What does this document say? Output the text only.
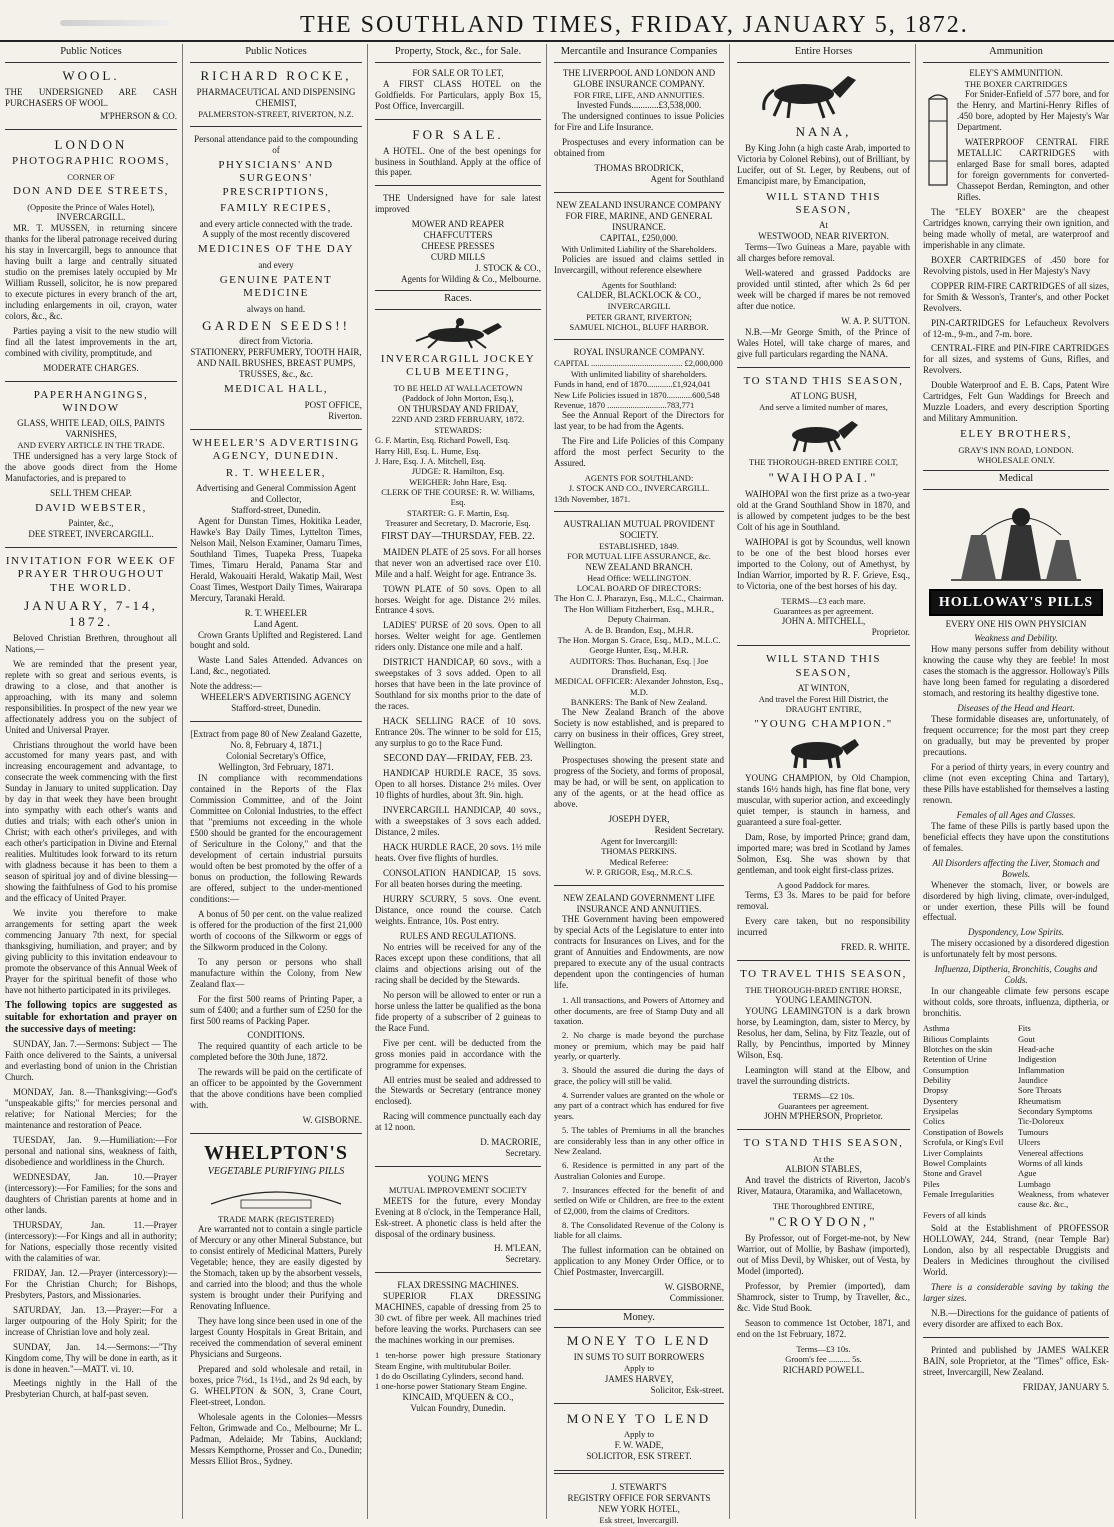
THE SOUTHLAND TIMES, FRIDAY, JANUARY 5, 1872.
Public Notices
WOOL.
THE UNDERSIGNED ARE CASH PURCHASERS OF WOOL.
M'PHERSON & CO.
LONDON
PHOTOGRAPHIC ROOMS,
CORNER OF
DON AND DEE STREETS,
(Opposite the Prince of Wales Hotel),
INVERCARGILL.

MR. T. MUSSEN, in returning sincere thanks for the liberal patronage received during his stay in Invercargill, begs to announce that having built a large and centrally situated studio on the premises lately occupied by Mr William Russell, solicitor, he is now prepared to execute pictures in every branch of the art, including enlargements in oil, crayon, water colors, &c., &c.

Parties paying a visit to the new studio will find all the latest improvements in the art, combined with civility, promptitude, and

MODERATE CHARGES.
PAPERHANGINGS, WINDOW
GLASS, WHITE LEAD, OILS, PAINTS
VARNISHES,
AND EVERY ARTICLE IN THE TRADE.

THE undersigned has a very large Stock of the above goods direct from the Home Manufactories, and is prepared to

SELL THEM CHEAP.
DAVID WEBSTER,
Painter, &c.,
DEE STREET, INVERCARGILL.
INVITATION FOR WEEK OF PRAYER THROUGHOUT THE WORLD.
JANUARY, 7-14, 1872.

Beloved Christian Brethren, throughout all Nations,—

We are reminded that the present year, replete with so great and serious events, is drawing to a close, and that another is approaching, with its many and solemn responsibilities. In prospect of the new year we affectionately address you on the subject of United and Universal Prayer.

Christians throughout the world have been accustomed for many years past, and with increasing encouragement and advantage, to consecrate the week commencing with the first Sunday in January to united supplication. Day by day in that week they have been brought into sympathy with each other's wants and duties and trials; with each other's union in Christ; with each other's privileges, and with each other's participation in Divine and Eternal realities. Multitudes look forward to its return with gladness because it has been to them a season of spiritual joy and of divine blessing—showing the faithfulness of God to his promise and the efficacy of United Prayer.

We invite you therefore to make arrangements for setting apart the week commencing January 7th next, for special thanksgiving, humiliation, and prayer; and by giving publicity to this invitation endeavour to promote the observance of this Annual Week of Prayer for the spiritual benefit of those who have not hitherto participated in its privileges.

The following topics are suggested as suitable for exhortation and prayer on the successive days of meeting:

SUNDAY, Jan. 7.—Sermons: Subject — The Faith once delivered to the Saints, a universal and everlasting bond of union in the Christian Church.

MONDAY, Jan. 8.—Thanksgiving:—God's "unspeakable gifts;" for mercies personal and relative; for National Mercies; for the maintenance and restoration of Peace.

TUESDAY, Jan. 9.—Humiliation:—For personal and national sins, weakness of faith, disobedience and worldliness in the Church.

WEDNESDAY, Jan. 10.—Prayer (intercessory):—For Families; for the sons and daughters of Christian parents at home and in other lands.

THURSDAY, Jan. 11.—Prayer (intercessory):—For Kings and all in authority; for Nations, especially those recently visited with the calamities of war.

FRIDAY, Jan. 12.—Prayer (intercessory):—For the Christian Church; for Bishops, Presbyters, Pastors, and Missionaries.

SATURDAY, Jan. 13.—Prayer:—For a larger outpouring of the Holy Spirit; for the increase of Christian love and holy zeal.

SUNDAY, Jan. 14.—Sermons:—"Thy Kingdom come, Thy will be done in earth, as it is done in heaven."—MATT. vi. 10.

Meetings nightly in the Hall of the Presbyterian Church, at half-past seven.

Public Notices
RICHARD ROCKE,
PHARMACEUTICAL AND DISPENSING CHEMIST,
PALMERSTON-STREET, RIVERTON, N.Z.
Personal attendance paid to the compounding of
PHYSICIANS' AND SURGEONS' PRESCRIPTIONS,
FAMILY RECIPES,
and every article connected with the trade.
A supply of the most recently discovered
MEDICINES OF THE DAY
and every
GENUINE PATENT MEDICINE
always on hand.
GARDEN SEEDS!!
direct from Victoria.
STATIONERY, PERFUMERY, TOOTH HAIR, AND NAIL BRUSHES, BREAST PUMPS, TRUSSES, &c., &c.
MEDICAL HALL,
POST OFFICE,
Riverton.
WHEELER'S ADVERTISING AGENCY, DUNEDIN.
R. T. WHEELER,
Advertising and General Commission Agent and Collector,
Stafford-street, Dunedin.

Agent for Dunstan Times, Hokitika Leader, Hawke's Bay Daily Times, Lyttelton Times, Nelson Mail, Nelson Examiner, Oamaru Times, Southland Times, Tuapeka Press, Tuapeka Times, Timaru Herald, Panama Star and Herald, Wakouaiti Herald, Wakatip Mail, West Coast Times, Westport Daily Times, Wairarapa Mercury, Taranaki Herald.

R. T. WHEELER
Land Agent.

Crown Grants Uplifted and Registered. Land bought and sold.

Waste Land Sales Attended. Advances on Land, &c., negotiated.

Note the address:—
WHEELER'S ADVERTISING AGENCY
Stafford-street, Dunedin.
[Extract from page 80 of New Zealand Gazette,
No. 8, February 4, 1871.]
Colonial Secretary's Office,
Wellington, 3rd February, 1871.

IN compliance with recommendations contained in the Reports of the Flax Commission Committee, and of the Joint Committee on Colonial Industries, to the effect that "premiums not exceeding in the whole £500 should be granted for the encouragement of Sericulture in the Colony," and that the development of certain industrial pursuits would often be best promoted by the offer of a bonus on production, the following Rewards are offered, subject to the under-mentioned conditions:—

A bonus of 50 per cent. on the value realized is offered for the production of the first 21,000 worth of cocoons of the Silkworm or eggs of the Silkworm produced in the Colony.

To any person or persons who shall manufacture within the Colony, from New Zealand flax—

For the first 500 reams of Printing Paper, a sum of £400; and a further sum of £250 for the first 500 reams of Packing Paper.

CONDITIONS.

The required quantity of each article to be completed before the 30th June, 1872.

The rewards will be paid on the certificate of an officer to be appointed by the Government that the above conditions have been complied with.

W. GISBORNE.
WHELPTON'S
VEGETABLE PURIFYING PILLS
TRADE MARK (REGISTERED)

Are warranted not to contain a single particle of Mercury or any other Mineral Substance, but to consist entirely of Medicinal Matters, Purely Vegetable; hence, they are easily digested by the Stomach, taken up by the absorbent vessels, and carried into the blood; and thus the whole system is brought under their Purifying and Renovating Influence.

They have long since been used in one of the largest County Hospitals in Great Britain, and received the commendation of several eminent Physicians and Surgeons.

Prepared and sold wholesale and retail, in boxes, price 7½d., 1s 1½d., and 2s 9d each, by G. WHELPTON & SON, 3, Crane Court, Fleet-street, London.

Wholesale agents in the Colonies—Messrs Felton, Grimwade and Co., Melbourne; Mr L. Padman, Adelaide; Mr Tabins, Auckland; Messrs Kempthorne, Prosser and Co., Dunedin; Messrs Elliot Bros., Sydney.

Property, Stock, &c., for Sale.
FOR SALE OR TO LET,

A FIRST CLASS HOTEL on the Goldfields. For Particulars, apply Box 15, Post Office, Invercargill.

FOR SALE.

A HOTEL. One of the best openings for business in Southland. Apply at the office of this paper.

THE Undersigned have for sale latest improved

MOWER AND REAPER
CHAFFCUTTERS
CHEESE PRESSES
CURD MILLS
J. STOCK & CO.,
Agents for Wilding & Co., Melbourne.
Races.
INVERCARGILL JOCKEY CLUB MEETING,
TO BE HELD AT WALLACETOWN
(Paddock of John Morton, Esq.),
ON THURSDAY AND FRIDAY,
22ND AND 23RD FEBRUARY, 1872.
STEWARDS:
G. F. Martin, Esq. Richard Powell, Esq.
Harry Hill, Esq. L. Hume, Esq.
J. Hare, Esq. J. A. Mitchell, Esq.
JUDGE: R. Hamilton, Esq.
WEIGHER: John Hare, Esq.
CLERK OF THE COURSE: R. W. Williams, Esq.
STARTER: G. F. Martin, Esq.
Treasurer and Secretary, D. Macrorie, Esq.
FIRST DAY—THURSDAY, FEB. 22.

MAIDEN PLATE of 25 sovs. For all horses that never won an advertised race over £10. Mile and a half. Weight for age. Entrance 3s.

TOWN PLATE of 50 sovs. Open to all horses. Weight for age. Distance 2½ miles. Entrance 4 sovs.

LADIES' PURSE of 20 sovs. Open to all horses. Welter weight for age. Gentlemen riders only. Distance one mile and a half.

DISTRICT HANDICAP, 60 sovs., with a sweepstakes of 3 sovs added. Open to all horses that have been in the late province of Southland for six months prior to the date of the races.

HACK SELLING RACE of 10 sovs. Entrance 20s. The winner to be sold for £15, any surplus to go to the Race Fund.

SECOND DAY—FRIDAY, FEB. 23.

HANDICAP HURDLE RACE, 35 sovs. Open to all horses. Distance 2½ miles. Over 10 flights of hurdles, about 3ft. 9in. high.

INVERCARGILL HANDICAP, 40 sovs., with a sweepstakes of 3 sovs each added. Distance, 2 miles.

HACK HURDLE RACE, 20 sovs. 1½ mile heats. Over five flights of hurdles.

CONSOLATION HANDICAP, 15 sovs. For all beaten horses during the meeting.

HURRY SCURRY, 5 sovs. One event. Distance, once round the course. Catch weights. Entrance, 10s. Post entry.

RULES AND REGULATIONS.

No entries will be received for any of the Races except upon these conditions, that all claims and objections arising out of the racing shall be decided by the Stewards.

No person will be allowed to enter or run a horse unless the latter be qualified as the bona fide property of a subscriber of 2 guineas to the Race Fund.

Five per cent. will be deducted from the gross monies paid in accordance with the programme for expenses.

All entries must be sealed and addressed to the Stewards or Secretary (entrance money enclosed).

Racing will commence punctually each day at 12 noon.

D. MACRORIE,
Secretary.
YOUNG MEN'S
MUTUAL IMPROVEMENT SOCIETY

MEETS for the future, every Monday Evening at 8 o'clock, in the Temperance Hall, Esk-street. A phonetic class is held after the disposal of the ordinary business.

H. M'LEAN,
Secretary.
FLAX DRESSING MACHINES.

SUPERIOR FLAX DRESSING MACHINES, capable of dressing from 25 to 30 cwt. of fibre per week. All machines tried before leaving the works. Purchasers can see the machines working in our premises.

1 ten-horse power high pressure Stationary Steam Engine, with multitubular Boiler.
1 do do Oscillating Cylinders, second hand.
1 one-horse power Stationary Steam Engine.
KINCAID, M'QUEEN & CO.,
Vulcan Foundry, Dunedin.
Mercantile and Insurance Companies
THE LIVERPOOL AND LONDON AND GLOBE INSURANCE COMPANY.
FOR FIRE, LIFE, AND ANNUITIES.
Invested Funds............£3,538,000.

The undersigned continues to issue Policies for Fire and Life Insurance.

Prospectuses and every information can be obtained from

THOMAS BRODRICK,
Agent for Southland
NEW ZEALAND INSURANCE COMPANY FOR FIRE, MARINE, AND GENERAL INSURANCE.
CAPITAL, £250,000.
With Unlimited Liability of the Shareholders.

Policies are issued and claims settled in Invercargill, without reference elsewhere

Agents for Southland:
CALDER, BLACKLOCK & CO.,
INVERCARGILL
PETER GRANT, RIVERTON;
SAMUEL NICHOL, BLUFF HARBOR.
ROYAL INSURANCE COMPANY.
CAPITAL ........................................... £2,000,000
With unlimited liability of shareholders.
Funds in hand, end of 1870............£1,924,041
New Life Policies issued in 1870............600,548
Revenue, 1870 ............................783,771

See the Annual Report of the Directors for last year, to be had from the Agents.

The Fire and Life Policies of this Company afford the most perfect Security to the Assured.

AGENTS FOR SOUTHLAND:
J. STOCK AND CO., INVERCARGILL.
13th November, 1871.
AUSTRALIAN MUTUAL PROVIDENT SOCIETY.
ESTABLISHED, 1849.
FOR MUTUAL LIFE ASSURANCE, &c.
NEW ZEALAND BRANCH.
Head Office: WELLINGTON.
LOCAL BOARD OF DIRECTORS:
The Hon C. J. Pharazyn, Esq., M.L.C., Chairman.
The Hon William Fitzherbert, Esq., M.H.R., Deputy Chairman.
A. de B. Brandon, Esq., M.H.R.
The Hon. Morgan S. Grace, Esq., M.D., M.L.C.
George Hunter, Esq., M.H.R.
AUDITORS: Thos. Buchanan, Esq. | Joe Dransfield, Esq.
MEDICAL OFFICER: Alexander Johnston, Esq., M.D.
BANKERS: The Bank of New Zealand.

The New Zealand Branch of the above Society is now established, and is prepared to carry on business in their offices, Grey street, Wellington.

Prospectuses showing the present state and progress of the Society, and forms of proposal, may be had, or will be sent, on application to any of the agents, or at the head office as above.

JOSEPH DYER,
Resident Secretary.
Agent for Invercargill:
THOMAS PERKINS.
Medical Referee:
W. P. GRIGOR, Esq., M.R.C.S.
NEW ZEALAND GOVERNMENT LIFE INSURANCE AND ANNUITIES.

THE Government having been empowered by special Acts of the Legislature to enter into contracts for Insurances on Lives, and for the grant of Annuities and Endowments, are now prepared to execute any of the usual contracts dependent upon the contingencies of human life.

1. All transactions, and Powers of Attorney and other documents, are free of Stamp Duty and all taxation.

2. No charge is made beyond the purchase money or premium, which may be paid half yearly, or quarterly.

3. Should the assured die during the days of grace, the policy will still be valid.

4. Surrender values are granted on the whole or any part of a contract which has endured for five years.

5. The tables of Premiums in all the branches are considerably less than in any other office in New Zealand.

6. Residence is permitted in any part of the Australian Colonies and Europe.

7. Insurances effected for the benefit of and settled on Wife or Children, are free to the extent of £2,000, from the claims of Creditors.

8. The Consolidated Revenue of the Colony is liable for all claims.

The fullest information can be obtained on application to any Money Order Office, or to Chief Postmaster, Invercargill.

W. GISBORNE,
Commissioner.
Money.
MONEY TO LEND
IN SUMS TO SUIT BORROWERS
Apply to
JAMES HARVEY,
Solicitor, Esk-street.
MONEY TO LEND
Apply to
F. W. WADE,
SOLICITOR, ESK STREET.
J. STEWART'S
REGISTRY OFFICE FOR SERVANTS
NEW YORK HOTEL,
Esk street, Invercargill.
Entire Horses
NANA,

By King John (a high caste Arab, imported to Victoria by Colonel Rebins), out of Brilliant, by Lucifer, out of St. Leger, by Reubens, out of Emancipist mare, by Emancipation,

WILL STAND THIS SEASON,
At
WESTWOOD, NEAR RIVERTON.

Terms—Two Guineas a Mare, payable with all charges before removal.

Well-watered and grassed Paddocks are provided until stinted, after which 2s 6d per week will be charged if mares be not removed after due notice.

W. A. P. SUTTON.

N.B.—Mr George Smith, of the Prince of Wales Hotel, will take charge of mares, and give full particulars regarding the NANA.

TO STAND THIS SEASON,
AT LONG BUSH,
And serve a limited number of mares,
THE THOROUGH-BRED ENTIRE COLT,
"WAIHOPAI."

WAIHOPAI won the first prize as a two-year old at the Grand Southland Show in 1870, and is allowed by competent judges to be the best Colt of his age in Southland.

WAIHOPAI is got by Scoundus, well known to be one of the best blood horses ever imported to the Colony, out of Amethyst, by Indian Warrior, imported by R. F. Grieve, Esq., to Victoria, one of the best horses of his day.

TERMS—£3 each mare.
Guarantees as per agreement.
JOHN A. MITCHELL,
Proprietor.
WILL STAND THIS SEASON,
AT WINTON,
And travel the Forest Hill District, the
DRAUGHT ENTIRE,
"YOUNG CHAMPION."

YOUNG CHAMPION, by Old Champion, stands 16½ hands high, has fine flat bone, very muscular, with superior action, and exceedingly quiet temper, is staunch in harness, and guaranteed a sure foal-getter.

Dam, Rose, by imported Prince; grand dam, imported mare; was bred in Scotland by James Solmon, Esq. She was shown by that gentleman, and took eight first-class prizes.

A good Paddock for mares.

Terms, £3 3s. Mares to be paid for before removal.

Every care taken, but no responsibility incurred

FRED. R. WHITE.
TO TRAVEL THIS SEASON,
THE THOROUGH-BRED ENTIRE HORSE,
YOUNG LEAMINGTON.

YOUNG LEAMINGTON is a dark brown horse, by Leamington, dam, sister to Mercy, by Resolus, her dam, Selina, by Fitz Teazle, out of Rally, by Pencinthus, imported by Minney Wilson, Esq.

Leamington will stand at the Elbow, and travel the surrounding districts.

TERMS—£2 10s.
Guarantees per agreement.
JOHN M'PHERSON, Proprietor.
TO STAND THIS SEASON,
At the
ALBION STABLES,

And travel the districts of Riverton, Jacob's River, Mataura, Otaramika, and Wallacetown,

THE Thoroughbred ENTIRE,
"CROYDON,"

By Professor, out of Forget-me-not, by New Warrior, out of Mollie, by Bashaw (imported), out of Miss Devil, by Whisker, out of Vesta, by Model (imported).

Professor, by Premier (imported), dam Shamrock, sister to Trump, by Traveller, &c., &c. Vide Stud Book.

Season to commence 1st October, 1871, and end on the 1st February, 1872.

Terms—£3 10s.
Groom's fee .......... 5s.
RICHARD POWELL.
Ammunition
ELEY'S AMMUNITION.
THE BOXER CARTRIDGES

For Snider-Enfield of .577 bore, and for the Henry, and Martini-Henry Rifles of .450 bore, adopted by Her Majesty's War Department.

WATERPROOF CENTRAL FIRE METALLIC CARTRIDGES with enlarged Base for small bores, adapted for foreign governments for converted-Chassepot Berdan, Remington, and other Rifles.

The "ELEY BOXER" are the cheapest Cartridges known, carrying their own ignition, and being made wholly of metal, are waterproof and imperishable in any climate.

BOXER CARTRIDGES of .450 bore for Revolving pistols, used in Her Majesty's Navy

COPPER RIM-FIRE CARTRIDGES of all sizes, for Smith & Wesson's, Tranter's, and other Pocket Revolvers.

PIN-CARTRIDGES for Lefaucheux Revolvers of 12-m., 9-m., and 7-m. bore.

CENTRAL-FIRE and PIN-FIRE CARTRIDGES for all sizes, and systems of Guns, Rifles, and Revolvers.

Double Waterproof and E. B. Caps, Patent Wire Cartridges, Felt Gun Waddings for Breech and Muzzle Loaders, and every description Sporting and Military Ammunition.

ELEY BROTHERS,
GRAY'S INN ROAD, LONDON.
WHOLESALE ONLY.
Medical
HOLLOWAY'S PILLS
EVERY ONE HIS OWN PHYSICIAN
Weakness and Debility.

How many persons suffer from debility without knowing the cause why they are feeble! In most cases the stomach is the aggressor. Holloway's Pills have long been famed for regulating a disordered stomach, and restoring its healthy digestive tone.

Diseases of the Head and Heart.

These formidable diseases are, unfortunately, of frequent occurrence; for the most part they creep on gradually, but may be prevented by proper precautions.

For a period of thirty years, in every country and clime (not even excepting China and Tartary), these Pills have established for themselves a lasting renown.

Females of all Ages and Classes.

The fame of these Pills is partly based upon the beneficial effects they have upon the constitutions of females.

All Disorders affecting the Liver, Stomach and Bowels.

Whenever the stomach, liver, or bowels are disordered by high living, climate, over-indulged, or under exertion, these Pills will be found effectual.

Dyspondency, Low Spirits.

The misery occasioned by a disordered digestion is unfortunately felt by most persons.

Influenza, Diptheria, Bronchitis, Coughs and Colds.

In our changeable climate few persons escape without colds, sore throats, influenza, diptheria, or bronchitis.

Asthma	Fits
Bilious Complaints	Gout
Blotches on the skin	Head-ache
Retention of Urine	Indigestion
Consumption	Inflammation
Debility	Jaundice
Dropsy	Sore Throats
Dysentery	Rheumatism
Erysipelas	Secondary Symptoms
Colics	Tic-Doloreux
Constipation of Bowels	Tumours
Scrofula, or King's Evil	Ulcers
Liver Complaints	Venereal affections
Bowel Complaints	Worms of all kinds
Stone and Gravel	Ague
Piles	Lumbago
Female Irregularities	Weakness, from whatever cause &c. &c.,
Fevers of all kinds

Sold at the Establishment of PROFESSOR HOLLOWAY, 244, Strand, (near Temple Bar) London, also by all respectable Druggists and Dealers in Medicines throughout the civilised World.

There is a considerable saving by taking the larger sizes.

N.B.—Directions for the guidance of patients of every disorder are affixed to each Box.

Printed and published by JAMES WALKER BAIN, sole Proprietor, at the "Times" office, Esk-street, Invercargill, New Zealand.

FRIDAY, JANUARY 5.
